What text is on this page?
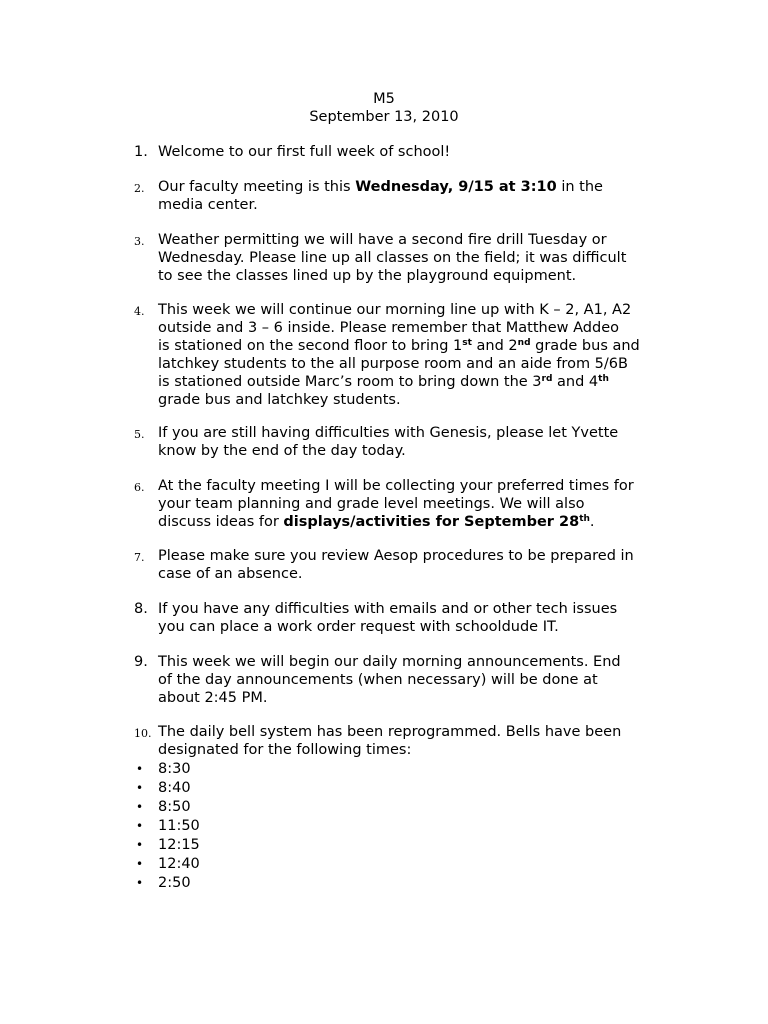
M5
September 13, 2010
1. Welcome to our first full week of school!
2. Our faculty meeting is this Wednesday, 9/15 at 3:10 in the
media center.
3. Weather permitting we will have a second fire drill Tuesday or
Wednesday. Please line up all classes on the field; it was difficult
to see the classes lined up by the playground equipment.
4. This week we will continue our morning line up with K – 2, A1, A2
outside and 3 – 6 inside. Please remember that Matthew Addeo
is stationed on the second floor to bring 1st and 2nd grade bus and
latchkey students to the all purpose room and an aide from 5/6B
is stationed outside Marc’s room to bring down the 3rd and 4th
grade bus and latchkey students.
5. If you are still having difficulties with Genesis, please let Yvette
know by the end of the day today.
6. At the faculty meeting I will be collecting your preferred times for
your team planning and grade level meetings. We will also
discuss ideas for displays/activities for September 28th.
7. Please make sure you review Aesop procedures to be prepared in
case of an absence.
8. If you have any difficulties with emails and or other tech issues
you can place a work order request with schooldude IT.
9. This week we will begin our daily morning announcements. End
of the day announcements (when necessary) will be done at
about 2:45 PM.
10. The daily bell system has been reprogrammed. Bells have been
designated for the following times:
• 8:30
• 8:40
• 8:50
• 11:50
• 12:15
• 12:40
• 2:50
